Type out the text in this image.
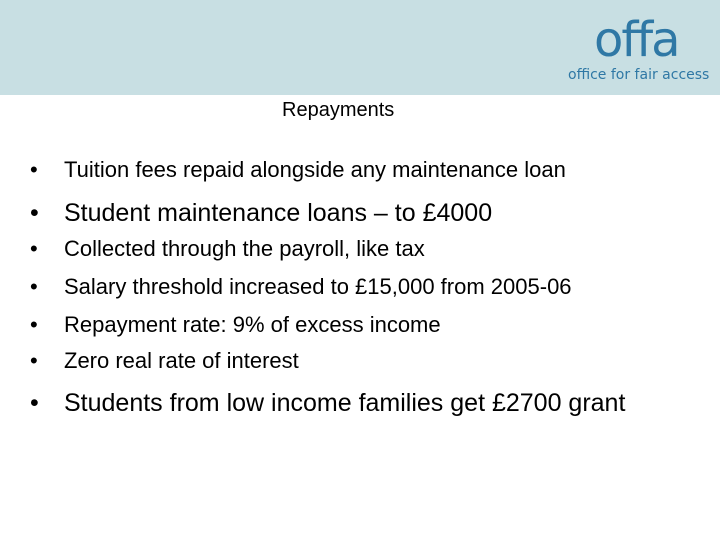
offa
office for fair access
Repayments
•	Tuition fees repaid alongside any maintenance loan
•	Student maintenance loans – to £4000
•	Collected through the payroll, like tax
•	Salary threshold increased to £15,000 from 2005-06
•	Repayment rate: 9% of excess income
•	Zero real rate of interest
•	Students from low income families get £2700 grant
